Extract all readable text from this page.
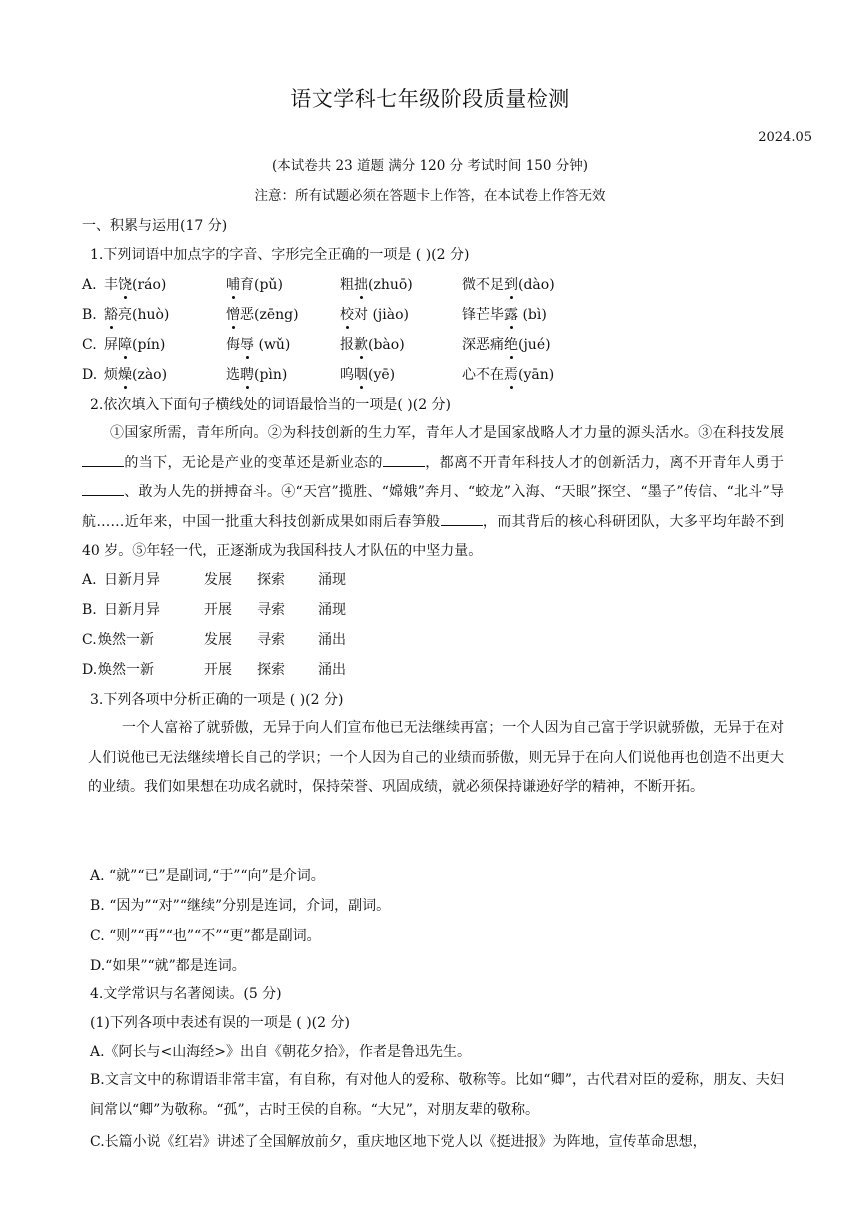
语文学科七年级阶段质量检测
2024.05
(本试卷共 23 道题 满分 120 分 考试时间 150 分钟)
注意：所有试题必须在答题卡上作答，在本试卷上作答无效
一、积累与运用(17 分)
1.下列词语中加点字的字音、字形完全正确的一项是 ( )(2 分)
A. 丰饶(ráo)	哺育(pǔ)	粗拙(zhuō)	微不足到(dào)
B. 豁亮(huò)	憎恶(zēng)	校对 (jiào)	锋芒毕露 (bì)
C. 屏障(pín)	侮辱 (wǔ)	报歉(bào)	深恶痛绝(jué)
D. 烦燥(zào)	选聘(pìn)	呜咽(yē)	心不在焉(yān)
2.依次填入下面句子横线处的词语最恰当的一项是( )(2 分)
①国家所需，青年所向。②为科技创新的生力军，青年人才是国家战略人才力量的源头活水。③在科技发展的当下，无论是产业的变革还是新业态的	，都离不开青年科技人才的创新活力，离不开青年人勇于、敢为人先的拼搏奋斗。④“天宫”揽胜、“嫦娥”奔月、“蛟龙”入海、“天眼”探空、“墨子”传信、“北斗”导航……近年来，中国一批重大科技创新成果如雨后春笋般	，而其背后的核心科研团队，大多平均年龄不到 40 岁。⑤年轻一代，正逐渐成为我国科技人才队伍的中坚力量。
A. 日新月异	发展 探索 涌现
B. 日新月异	开展 寻索 涌现
C. 焕然一新	发展 寻索 涌出
D. 焕然一新	开展 探索 涌出
3.下列各项中分析正确的一项是 ( )(2 分)
一个人富裕了就骄傲，无异于向人们宣布他已无法继续再富；一个人因为自己富于学识就骄傲，无异于在对人们说他已无法继续增长自己的学识；一个人因为自己的业绩而骄傲，则无异于在向人们说他再也创造不出更大的业绩。我们如果想在功成名就时，保持荣誉、巩固成绩，就必须保持谦逊好学的精神，不断开拓。
A. “就”“已”是副词,“于”“向”是介词。
B. “因为”“对”“继续”分别是连词，介词，副词。
C. “则”“再”“也”“不”“更”都是副词。
D.“如果”“就”都是连词。
4.文学常识与名著阅读。(5 分)
(1)下列各项中表述有误的一项是 ( )(2 分)
A.《阿长与<山海经>》出自《朝花夕拾》，作者是鲁迅先生。
B.文言文中的称谓语非常丰富，有自称，有对他人的爱称、敬称等。比如“卿”，古代君对臣的爱称，朋友、夫妇间常以“卿”为敬称。“孤”，古时王侯的自称。“大兄”，对朋友辈的敬称。
C.长篇小说《红岩》讲述了全国解放前夕，重庆地区地下党人以《挺进报》为阵地，宣传革命思想，
